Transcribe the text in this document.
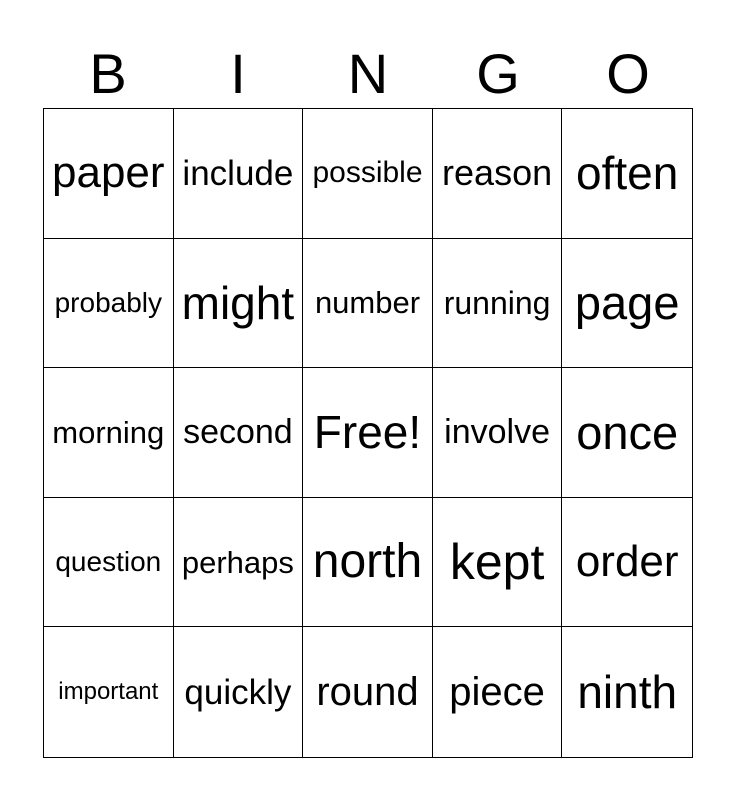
B	I	N	G	O
paper include possible reason often
probably might number running page
morning second Free! involve once
question perhaps north kept order
important quickly round piece ninth
